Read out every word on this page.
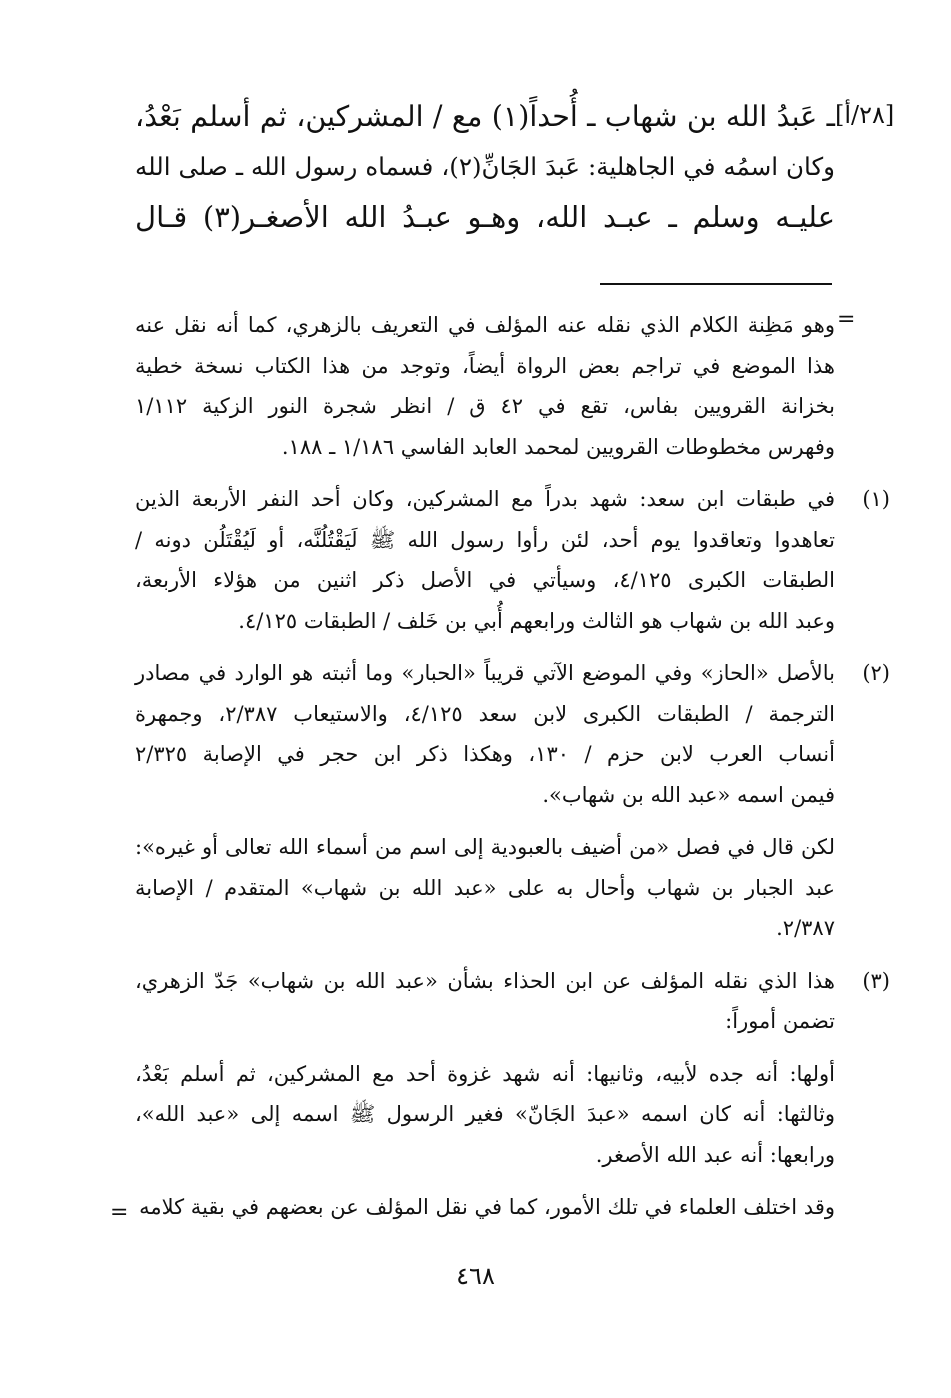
[٢٨/أ]
ـ عَبدُ الله بن شهاب ـ أُحداً(١) مع / المشركين، ثم أسلم بَعْدُ،
وكان اسمُه في الجاهلية: عَبدَ الجَانِّ(٢)، فسماه رسول الله ـ صلى الله
عليـه وسلم ـ عبـد الله، وهـو عبـدُ الله الأصغـر(٣) قـال
=
وهو مَظِنة الكلام الذي نقله عنه المؤلف في التعريف بالزهري، كما أنه نقل عنه
هذا الموضع في تراجم بعض الرواة أيضاً، وتوجد من هذا الكتاب نسخة خطية
بخزانة القرويين بفاس، تقع في ٤٢ ق / انظر شجرة النور الزكية ١/١١٢
وفهرس مخطوطات القرويين لمحمد العابد الفاسي ١/١٨٦ ـ ١٨٨.
(١)
في طبقات ابن سعد: شهد بدراً مع المشركين، وكان أحد النفر الأربعة الذين
تعاهدوا وتعاقدوا يوم أحد، لئن رأوا رسول الله ﷺ لَيَقْتُلُنَّه، أو لَيُقْتَلُن دونه /
الطبقات الكبرى ٤/١٢٥، وسيأتي في الأصل ذكر اثنين من هؤلاء الأربعة،
وعبد الله بن شهاب هو الثالث ورابعهم أُبي بن خَلف / الطبقات ٤/١٢٥.
(٢)
بالأصل «الحاز» وفي الموضع الآتي قريباً «الحبار» وما أثبته هو الوارد في مصادر
الترجمة / الطبقات الكبرى لابن سعد ٤/١٢٥، والاستيعاب ٢/٣٨٧، وجمهرة
أنساب العرب لابن حزم / ١٣٠، وهكذا ذكر ابن حجر في الإصابة ٢/٣٢٥
فيمن اسمه «عبد الله بن شهاب».
لكن قال في فصل «من أضيف بالعبودية إلى اسم من أسماء الله تعالى أو غيره»:
عبد الجبار بن شهاب وأحال به على «عبد الله بن شهاب» المتقدم / الإصابة
٢/٣٨٧.
(٣)
هذا الذي نقله المؤلف عن ابن الحذاء بشأن «عبد الله بن شهاب» جَدّ الزهري،
تضمن أموراً:
أولها: أنه جده لأبيه، وثانيها: أنه شهد غزوة أحد مع المشركين، ثم أسلم بَعْدُ،
وثالثها: أنه كان اسمه «عبدَ الجَانّ» فغير الرسول ﷺ اسمه إلى «عبد الله»،
ورابعها: أنه عبد الله الأصغر.
وقد اختلف العلماء في تلك الأمور، كما في نقل المؤلف عن بعضهم في بقية كلامه
=
٤٦٨
